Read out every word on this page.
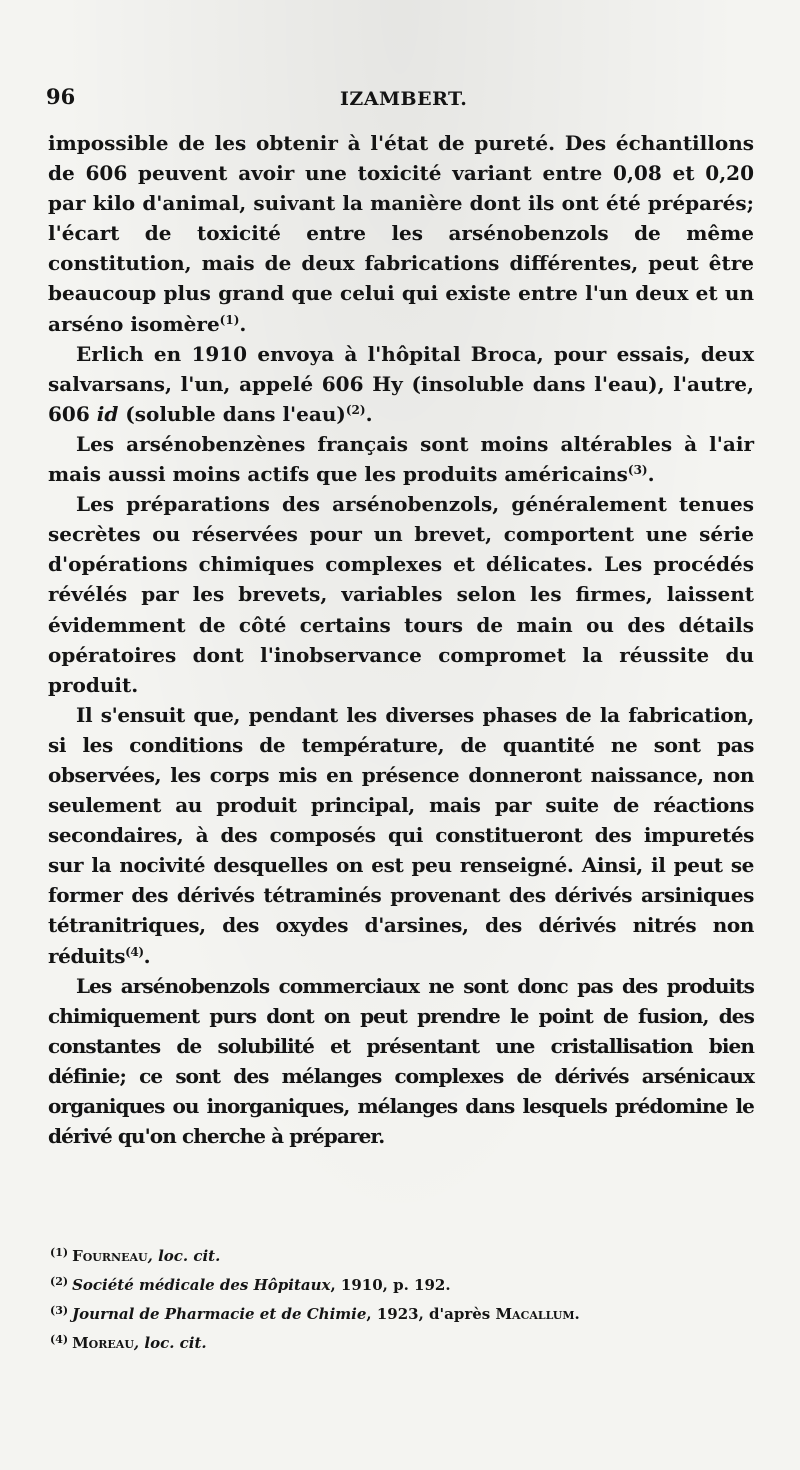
96	IZAMBERT.

impossible de les obtenir à l'état de pureté. Des échantillons de 606 peuvent avoir une toxicité variant entre 0,08 et 0,20 par kilo d'animal, suivant la manière dont ils ont été préparés; l'écart de toxicité entre les arsénobenzols de même constitution, mais de deux fabrications différentes, peut être beaucoup plus grand que celui qui existe entre l'un deux et un arséno isomère$^{(1)}$.

Erlich en 1910 envoya à l'hôpital Broca, pour essais, deux salvarsans, l'un, appelé 606 Hy (insoluble dans l'eau), l'autre, 606 id (soluble dans l'eau)$^{(2)}$.

Les arsénobenzènes français sont moins altérables à l'air mais aussi moins actifs que les produits américains$^{(3)}$.

Les préparations des arsénobenzols, généralement tenues secrètes ou réservées pour un brevet, comportent une série d'opérations chimiques complexes et délicates. Les procédés révélés par les brevets, variables selon les firmes, laissent évidemment de côté certains tours de main ou des détails opératoires dont l'inobservance compromet la réussite du produit.

Il s'ensuit que, pendant les diverses phases de la fabrication, si les conditions de température, de quantité ne sont pas observées, les corps mis en présence donneront naissance, non seulement au produit principal, mais par suite de réactions secondaires, à des composés qui constitueront des impuretés sur la nocivité desquelles on est peu renseigné. Ainsi, il peut se former des dérivés tétraminés provenant des dérivés arsiniques tétranitriques, des oxydes d'arsines, des dérivés nitrés non réduits$^{(4)}$.

Les arsénobenzols commerciaux ne sont donc pas des produits chimiquement purs dont on peut prendre le point de fusion, des constantes de solubilité et présentant une cristallisation bien définie; ce sont des mélanges complexes de dérivés arsénicaux organiques ou inorganiques, mélanges dans lesquels prédomine le dérivé qu'on cherche à préparer.

$^{(1)}$ Fourneau, loc. cit.
$^{(2)}$ Société médicale des Hôpitaux, 1910, p. 192.
$^{(3)}$ Journal de Pharmacie et de Chimie, 1923, d'après Macallum.
$^{(4)}$ Moreau, loc. cit.
